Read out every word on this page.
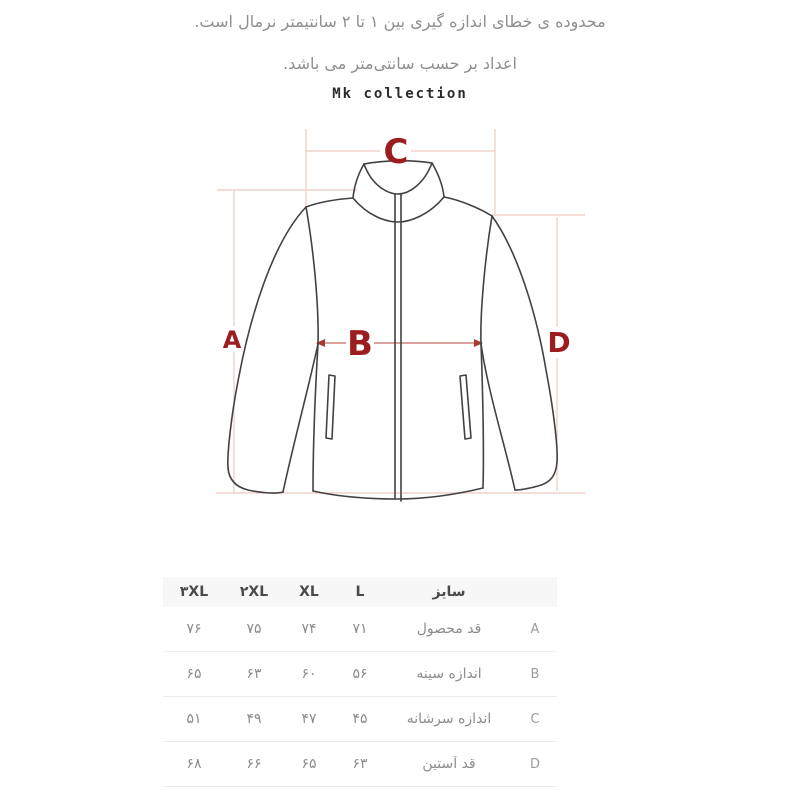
محدوده ی خطای اندازه گیری بین ۱ تا ۲ سانتیمتر نرمال است.
اعداد بر حسب سانتی‌متر می باشد.
Mk collection
A	B
C
D
سایز
L
XL
۲XL
۳XL
A
قد محصول
۷۱
۷۴
۷۵
۷۶
B
اندازه سینه
۵۶
۶۰
۶۳
۶۵
C
اندازه سرشانه
۴۵
۴۷
۴۹
۵۱
D
قد آستین
۶۳
۶۵
۶۶
۶۸
